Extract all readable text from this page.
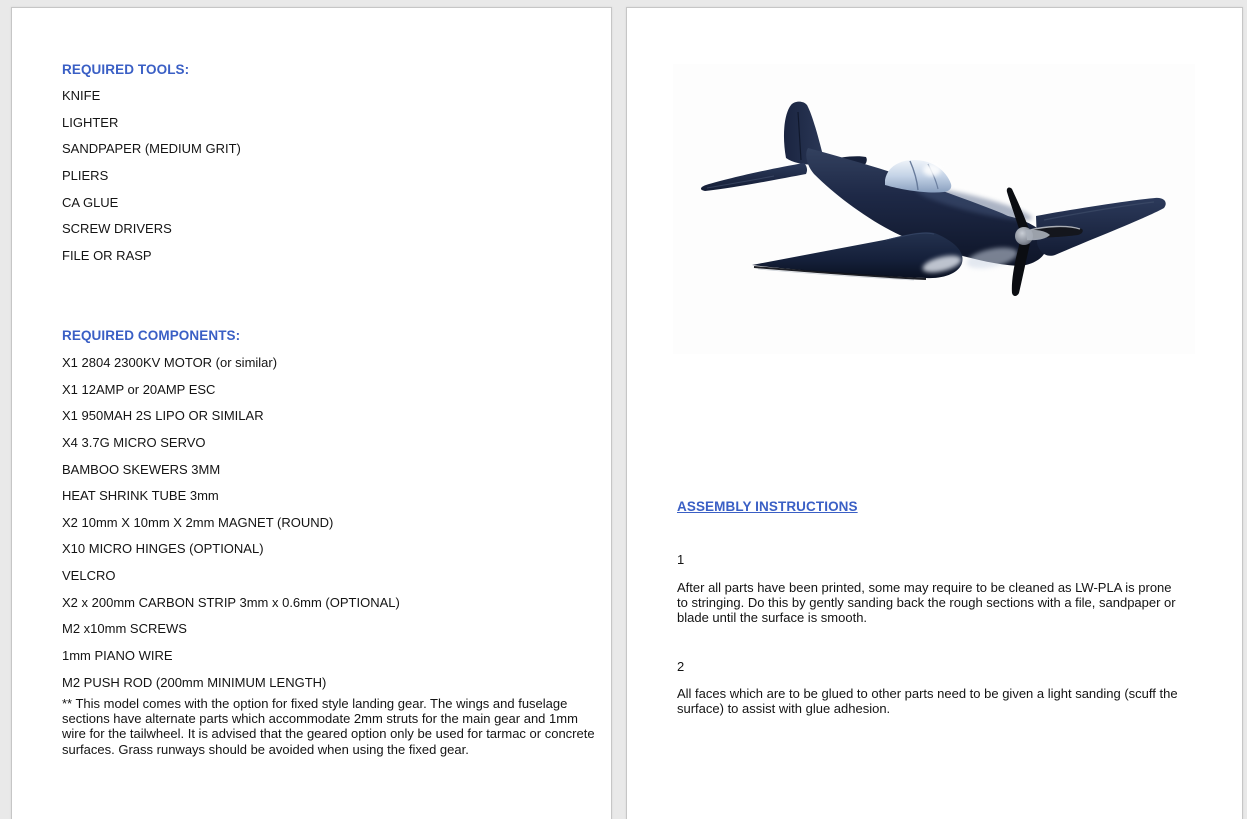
REQUIRED TOOLS:
KNIFE
LIGHTER
SANDPAPER (MEDIUM GRIT)
PLIERS
CA GLUE
SCREW DRIVERS
FILE OR RASP
REQUIRED COMPONENTS:
X1 2804 2300KV MOTOR (or similar)
X1 12AMP or 20AMP ESC
X1 950MAH 2S LIPO OR SIMILAR
X4 3.7G MICRO SERVO
BAMBOO SKEWERS 3MM
HEAT SHRINK TUBE 3mm
X2 10mm X 10mm X 2mm MAGNET (ROUND)
X10 MICRO HINGES (OPTIONAL)
VELCRO
X2 x 200mm CARBON STRIP 3mm x 0.6mm (OPTIONAL)
M2 x10mm SCREWS
1mm PIANO WIRE
M2 PUSH ROD (200mm MINIMUM LENGTH)
** This model comes with the option for fixed style landing gear. The wings and fuselage sections have alternate parts which accommodate 2mm struts for the main gear and 1mm wire for the tailwheel. It is advised that the geared option only be used for tarmac or concrete surfaces. Grass runways should be avoided when using the fixed gear.
ASSEMBLY INSTRUCTIONS
1
After all parts have been printed, some may require to be cleaned as LW-PLA is prone to stringing. Do this by gently sanding back the rough sections with a file, sandpaper or blade until the surface is smooth.
2
All faces which are to be glued to other parts need to be given a light sanding (scuff the surface) to assist with glue adhesion.
